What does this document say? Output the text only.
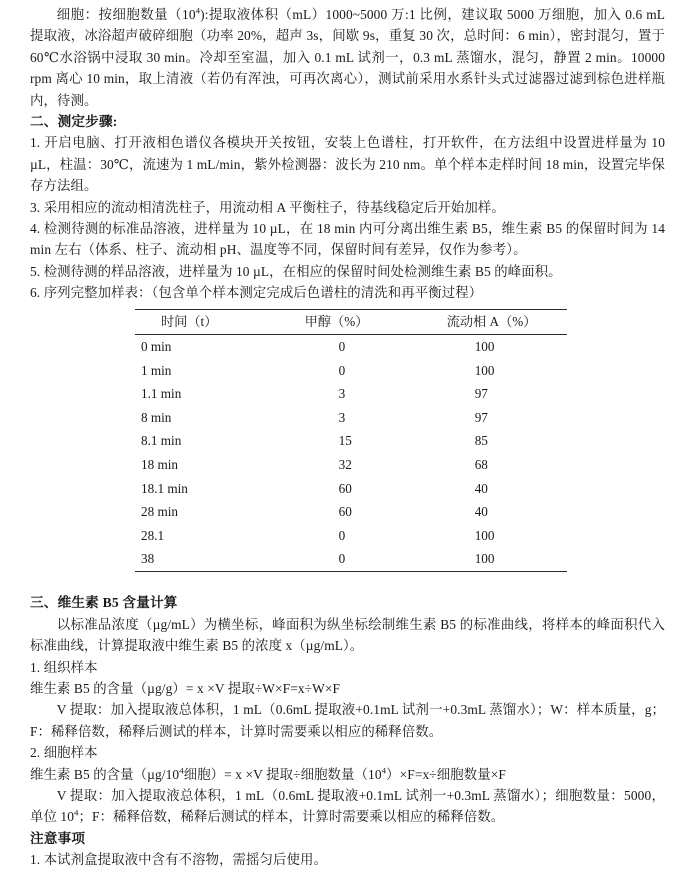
细胞：按细胞数量$(10^4)$:提取液体积（mL）1000~5000 万:1 比例，建议取 5000 万细胞，加入 0.6 mL 提取液，冰浴超声破碎细胞（功率 20%，超声 3s，间歇 9s，重复 30 次，总时间：6 min），密封混匀，置于 60℃水浴锅中浸取 30 min。冷却至室温，加入 0.1 mL 试剂一，0.3 mL 蒸馏水，混匀，静置 2 min。10000 rpm 离心 10 min，取上清液（若仍有浑浊，可再次离心），测试前采用水系针头式过滤器过滤到棕色进样瓶内，待测。

二、测定步骤:

1. 开启电脑、打开液相色谱仪各模块开关按钮，安装上色谱柱，打开软件，在方法组中设置进样量为 10 µL，柱温：30℃，流速为 1 mL/min，紫外检测器：波长为 210 nm。单个样本走样时间 18 min，设置完毕保存方法组。

3. 采用相应的流动相清洗柱子，用流动相 A 平衡柱子，待基线稳定后开始加样。

4. 检测待测的标准品溶液，进样量为 10 µL，在 18 min 内可分离出维生素 B5，维生素 B5 的保留时间为 14 min 左右（体系、柱子、流动相 pH、温度等不同，保留时间有差异，仅作为参考）。

5. 检测待测的样品溶液，进样量为 10 µL，在相应的保留时间处检测维生素 B5 的峰面积。

6. 序列完整加样表：（包含单个样本测定完成后色谱柱的清洗和再平衡过程）

时间（t）	甲醇（%）	流动相 A（%）
0 min	0	100
1 min	0	100
1.1 min	3	97
8 min	3	97
8.1 min	15	85
18 min	32	68
18.1 min	60	40
28 min	60	40
28.1	0	100
38	0	100
三、维生素 B5 含量计算

以标准品浓度（µg/mL）为横坐标，峰面积为纵坐标绘制维生素 B5 的标准曲线，将样本的峰面积代入标准曲线，计算提取液中维生素 B5 的浓度 x（µg/mL）。

1. 组织样本

维生素 B5 的含量（µg/g）= x ×V 提取÷W×F=x÷W×F

V 提取：加入提取液总体积，1 mL（0.6mL 提取液+0.1mL 试剂一+0.3mL 蒸馏水）；W：样本质量，g；F：稀释倍数，稀释后测试的样本，计算时需要乘以相应的稀释倍数。

2. 细胞样本

维生素 B5 的含量（$\mu g/10^4$细胞）= x ×V 提取÷细胞数量$(10^4)\times F=x\div$细胞数量×F

V 提取：加入提取液总体积，1 mL（0.6mL 提取液+0.1mL 试剂一+0.3mL 蒸馏水）；细胞数量：5000，单位 $10^4$；F：稀释倍数，稀释后测试的样本，计算时需要乘以相应的稀释倍数。

注意事项

1. 本试剂盒提取液中含有不溶物，需摇匀后使用。
